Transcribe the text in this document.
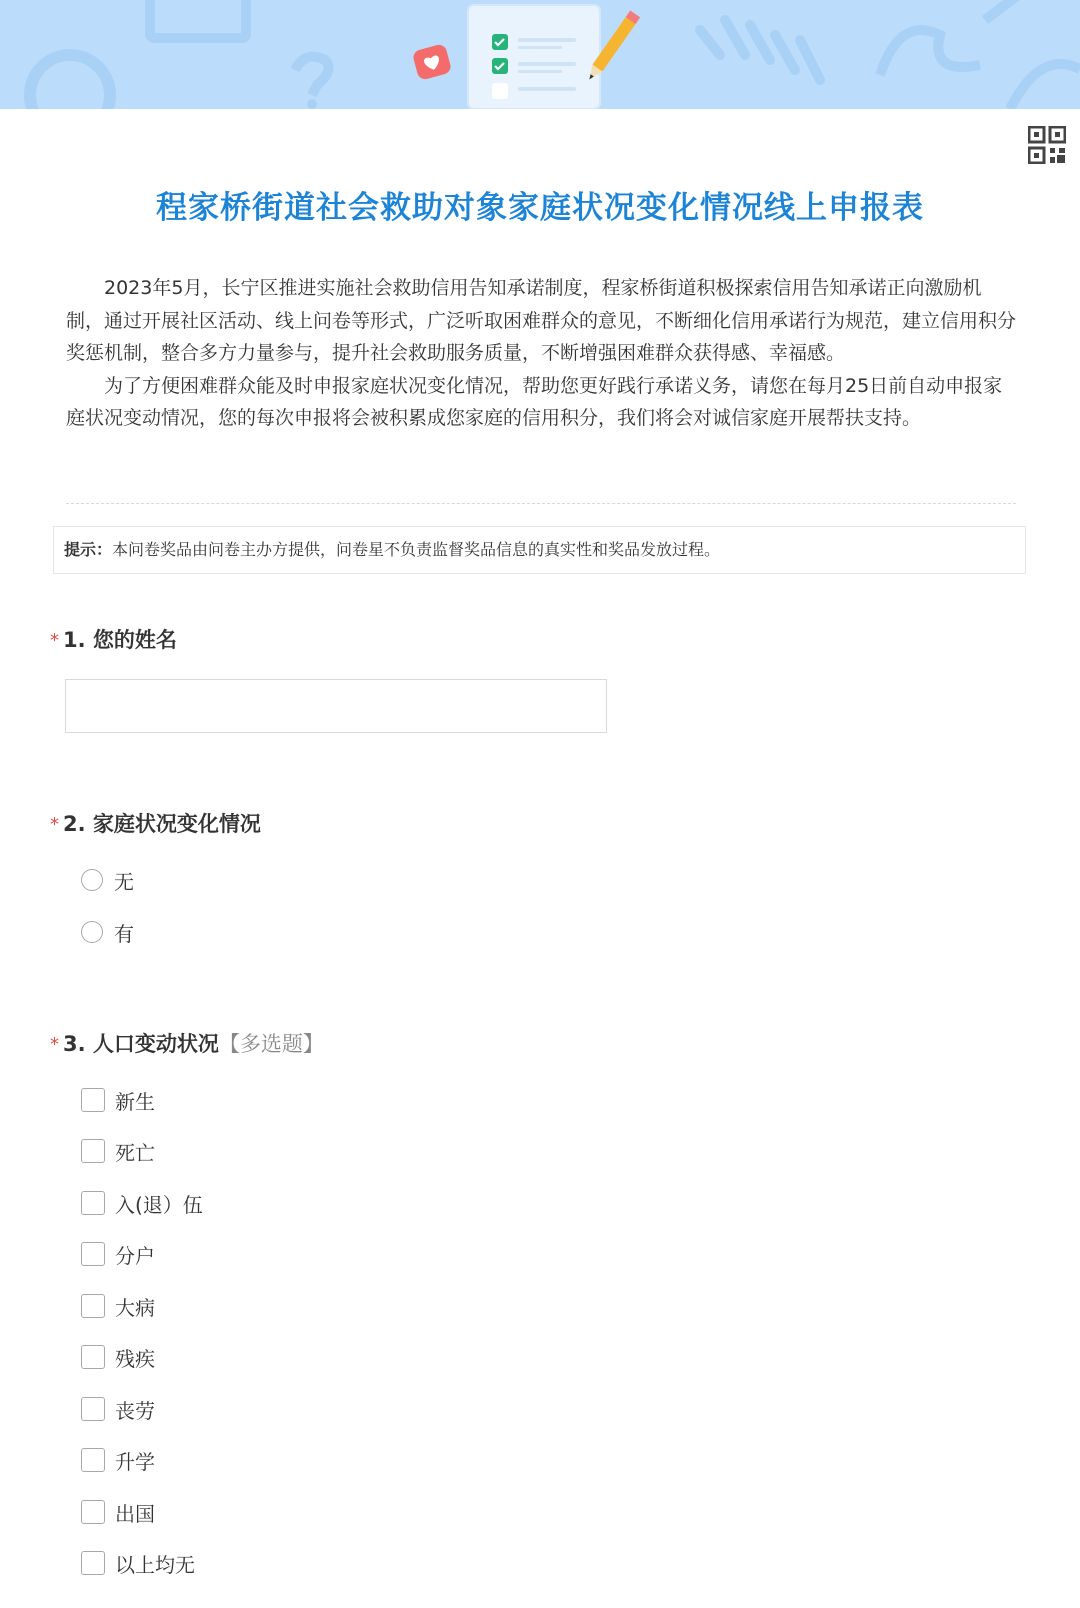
程家桥街道社会救助对象家庭状况变化情况线上申报表

2023年5月，长宁区推进实施社会救助信用告知承诺制度，程家桥街道积极探索信用告知承诺正向激励机制，通过开展社区活动、线上问卷等形式，广泛听取困难群众的意见，不断细化信用承诺行为规范，建立信用积分奖惩机制，整合多方力量参与，提升社会救助服务质量，不断增强困难群众获得感、幸福感。

为了方便困难群众能及时申报家庭状况变化情况，帮助您更好践行承诺义务，请您在每月25日前自动申报家庭状况变动情况，您的每次申报将会被积累成您家庭的信用积分，我们将会对诚信家庭开展帮扶支持。

提示：本问卷奖品由问卷主办方提供，问卷星不负责监督奖品信息的真实性和奖品发放过程。
* 1. 您的姓名
* 2. 家庭状况变化情况
无
有
* 3. 人口变动状况【多选题】
新生
死亡
入(退）伍
分户
大病
残疾
丧劳
升学
出国
以上均无
